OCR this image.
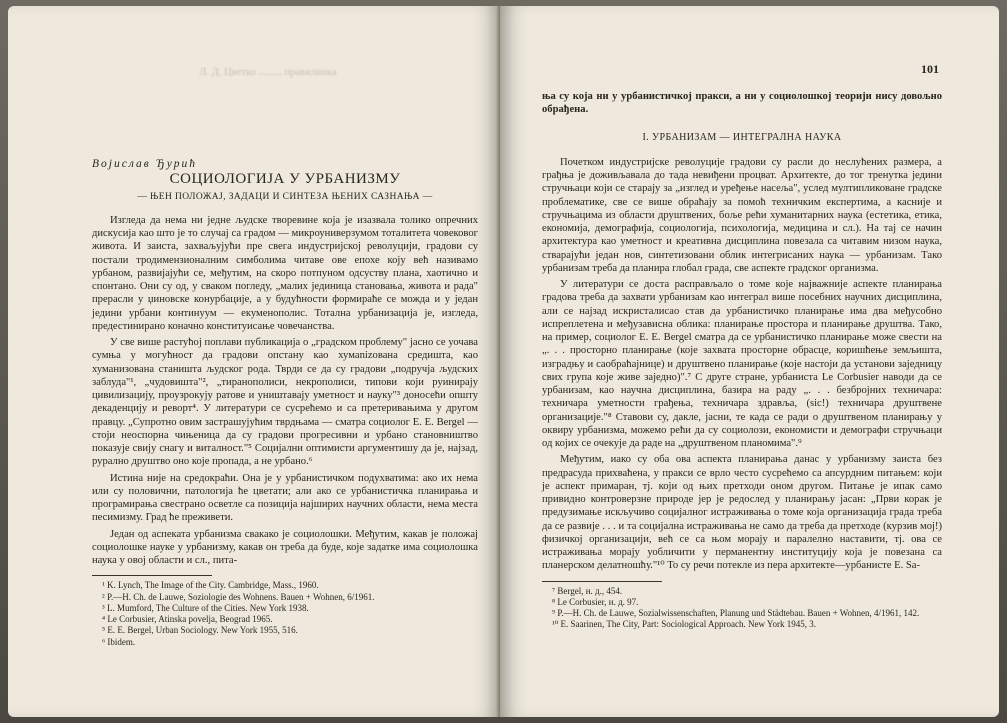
Л. Д. Цветко ......... правилника

Војислав Ђурић

СОЦИОЛОГИЈА У УРБАНИЗМУ
— ЊЕН ПОЛОЖАЈ, ЗАДАЦИ И СИНТЕЗА ЊЕНИХ САЗНАЊА —

Изгледа да нема ни једне људске творевине која је изазвала толико опречних дискусија као што је то случај са градом — микроуниверзумом тоталитета човековог живота. И заиста, захваљујући пре свега индустријској револуцији, градови су постали тродимензионалним симболима читаве ове епохе коју већ називамо урбаном, развијајући се, међутим, на скоро потпуном одсуству плана, хаотично и спонтано. Они су од, у сваком погледу, „малих јединица становања, живота и рада" прерасли у џиновске конурбације, а у будућности формираће се можда и у један једини урбани континуум — екуменополис. Тотална урбанизација је, изгледа, предестинирано коначно конституисање човечанства.

У све више растућој поплави публикација о „градском проблему" јасно се уочава сумња у могућност да градови опстану као хумanizована средишта, као хуманизована станишта људског рода. Тврди се да су градови „подручја људских заблуда"¹, „чудовишта"², „тиранополиси, некрополиси, типови који руинирају цивилизацију, проузрокују ратове и уништавају уметност и науку"³ доносећи општу декаденцију и реворт⁴. У литератури се сусрећемо и са претеривањима у другом правцу. „Супротно овим застрашујућим тврдњама — сматра социолог E. E. Bergel — стоји неоспорна чињеница да су градови прогресивни и урбано становништво показује свију снагу и виталност."⁵ Социјални оптимисти аргументишу да је, најзад, рурално друштво оно које пропада, а не урбано.⁶

Истина није на средокраћи. Она је у урбанистичком подухватима: ако их нема или су половични, патологија ће цветати; али ако се урбанистичка планирања и програмирања свестрано осветле са позиција најширих научних области, нема места песимизму. Град ће преживети.

Један од аспеката урбанизма свакако је социолошки. Међутим, какав је положај социолошке науке у урбанизму, какав он треба да буде, које задатке има социолошка наука у овој области и сл., пита-

¹ K. Lynch, The Image of the City. Cambridge, Mass., 1960.

² P.—H. Ch. de Lauwe, Soziologie des Wohnens. Bauen + Wohnen, 6/1961.

³ L. Mumford, The Culture of the Cities. New York 1938.

⁴ Le Corbusier, Atinska povelja, Beograd 1965.

⁵ E. E. Bergel, Urban Sociology. New York 1955, 516.

⁶ Ibidem.

101

ња су која ни у урбанистичкој пракси, а ни у социолошкој теорији нису довољно обрађена.

I. УРБАНИЗАМ — ИНТЕГРАЛНА НАУКА

Почетком индустријске револуције градови су расли до неслућених размера, а грађња је доживљавала до тада невиђени процват. Архитекте, до тог тренутка једини стручњаци који се старају за „изглед и уређење насеља", услед мултипликоване градске проблематике, све се више обраћају за помоћ техничким експертима, а касније и стручњацима из области друштвених, боље рећи хуманитарних наука (естетика, етика, економија, демографија, социологија, психологија, медицина и сл.). На тај се начин архитектура као уметност и креативна дисциплина повезала са читавим низом наука, стварајући један нов, синтетизовани облик интегрисаних наука — урбанизам. Тако урбанизам треба да планира глобал града, све аспекте градског организма.

У литератури се доста расправљало о томе које најважније аспекте планирања градова треба да захвати урбанизам као интеграл више посебних научних дисциплина, али се најзад искристалисао став да урбанистичко планирање има два међусобно испреплетена и међузависна облика: планирање простора и планирање друштва. Тако, на пример, социолог E. E. Bergel сматра да се урбанистичко планирање може свести на „. . . просторно планирање (које захвата просторне обрасце, коришћење земљишта, изградњу и саобраћајнице) и друштвено планирање (које настоји да установи заједницу свих група које живе заједно)".⁷ С друге стране, урбаниста Le Corbusier наводи да се урбанизам, као научна дисциплина, базира на раду „. . . безбројних техничара: техничара уметности грађења, техничара здравља, (sic!) техничара друштвене организације."⁸ Ставови су, дакле, јасни, те када се ради о друштвеном планирању у оквиру урбанизма, можемо рећи да су социолози, економисти и демографи стручњаци од којих се очекује да раде на „друштвеном планомима".⁹

Међутим, иако су оба ова аспекта планирања данас у урбанизму заиста без предрасуда прихваћена, у пракси се врло често сусрећемо са апсурдним питањем: који је аспект примаран, тј. који од њих претходи оном другом. Питање је ипак само привидно контроверзне природе јер је редослед у планирању јасан: „Први корак је предузимање искључиво социјалног истраживања о томе која организација града треба да се развије . . . и та социјална истраживања не само да треба да претходе (курзив мој!) физичкој организацији, већ се са њом морају и паралелно наставити, тј. ова се истраживања морају уобличити у перманентну институцију која је повезана са планерском делатношћу."¹⁰ То су речи потекле из пера архитекте—урбанисте E. Sa-

⁷ Bergel, н. д., 454.

⁸ Le Corbusier, н. д. 97.

⁹ P.—H. Ch. de Lauwe, Sozialwissenschaften, Planung und Städtebau. Bauen + Wohnen, 4/1961, 142.

¹⁰ E. Saarinen, The City, Part: Sociological Approach. New York 1945, 3.
